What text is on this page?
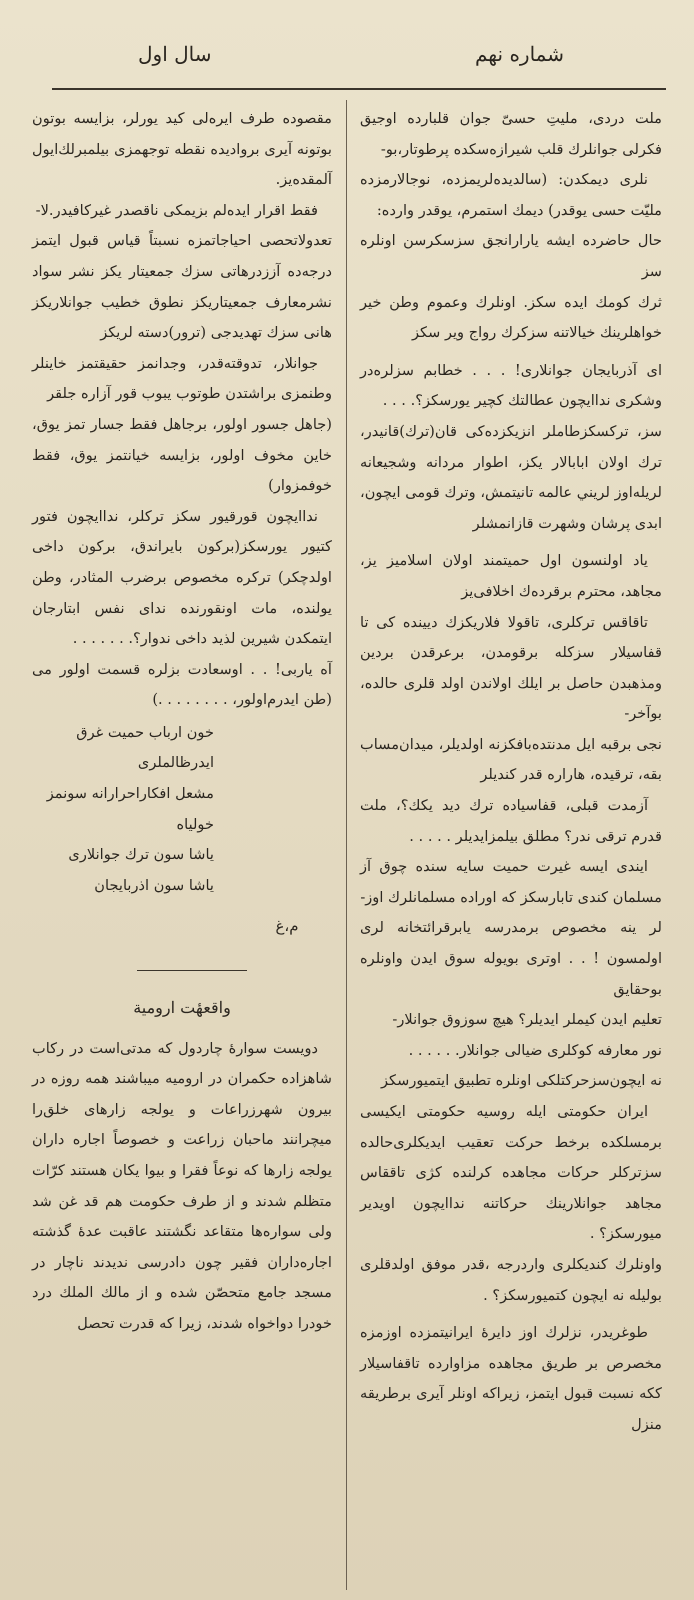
سال اول	شماره نهم

ملت دردی، مليتِ حسیّ جوان قلبارده‌ اوجيق فكرلی جوانلرك قلب شيرازه‌سكده پرطوتار،بو-

نلری ديمكدن: (سالديده‌لريمزده، نوجالارمزده مليّت حسی يوقدر) ديمك استمرم، يوقدر وارده:

حال حاضرده ايشه يارارانجق سزسكرسن اونلره سز

ثرك كومك ايده سكز. اونلرك وعموم وطن خير خواهلرينك خيالاتنه سزكرك رواج وير سكز

ای آذربايجان جوانلاری! . . . خطابم سزلره‌در وشكری نداايچون عطالتك كچير يورسكز؟. . . .

سز، تركسكزطاملر انزيكزده‌كی قان(ترك)قانيدر، ترك اولان ابابالار يكز، اطوار مردانه وشجيعانه لريله‌اوز لريني عالمه تانيتمش، وترك قومی ايچون، ابدی پرشان وشهرت قازانمشلر

ياد اولنسون اول حميتمند اولان اسلاميز يز، مجاهد، محترم برقرده‌ك اخلافی‌يز

تاقاقس تركلری، تاقولا فلاريكزك ديينده كی تا قفاسيلار سزكله برقومدن، برعرقدن بردين ومذهبدن حاصل بر ايلك اولاندن اولد قلری حالده، بوآخر-

نجی برقبه ايل مدنتده‌بافكزنه اولديلر، ميدان‌مساب بقه، ترقيده، هاراره قدر كنديلر

آزمدت قبلی، قفاسياده ترك ديد يكك؟، ملت قدرم ترقی ندر؟ مطلق بيلمزايديلر . . . . .

ايندی ايسه غيرت حميت سايه سنده چوق آز مسلمان كندی تابارسكز كه اوراده مسلمانلرك اوز-

لر ينه مخصوص برمدرسه يابرقرائتخانه لری اولمسون ! . . اوتری بويوله سوق ايدن واونلره بوحقايق

تعليم ايدن كيملر ايديلر؟ هيچ سوزوق جوانلار-

نور معارفه كوكلری ضيالی جوانلار. . . . . .

نه ايچون‌سزحركتلكی اونلره تطبيق ايتميورسكز

ايران حكومتی ايله روسيه حكومتی ايكيسی برمسلكده برخط حركت تعقيب ايديكلری‌حالده سزتركلر حركات مجاهده كرلنده كژی تاققاس مجاهد جوانلارينك حركاتنه نداايچون اويدير ميورسكز؟ .

واونلرك كنديكلری واردرجه ،قدر موفق اولدقلری بوليله نه ايچون كتميورسكز؟ .

طوغريدر، نزلرك اوز دايرهٔ ايرانيتمزده اوزمزه مخصرص بر طريق مجاهده مزاوارده تاقفاسيلار ككه نسبت قبول ايتمز، زيراكه اونلر آيری برطريقه منزل

مقصوده طرف ايره‌لی كيد يورلر، بزايسه بوتون بوتونه آيری برواديده نقطه توجهمزی بيلمبرلك‌ايول آلمقده‌يز.

فقط اقرار ايده‌لم بزيمكی ناقصدر غيركافيدر.لا-

تعدولاتحصی احياجاتمزه نسبتاً قياس قبول ايتمز درجه‌ده آززدرهاتی سزك جمعيتار يكز نشر سواد نشرمعارف جمعيتاريكز نطوق خطيب جوانلاريكز هانی سزك تهديدجی (ترور)دسته لريكز

جوانلار، تدوقته‌قدر، وجدانمز حقيقتمز خاينلر وطنمزی براشتدن طوتوب يبوب قور آزاره جلقر

(جاهل جسور اولور، برجاهل فقط جسار تمز يوق، خاين مخوف اولور، بزايسه خيانتمز يوق، فقط خوفمزوار)

نداايچون قورقيور سكز تركلر، نداايچون فتور كتيور يورسكز(بركون بايراندق، بركون داخی اولدچكر) تركره مخصوص برضرب المثادر، وطن يولنده، مات اونقورنده ندای نفس ابتارجان ايتمكدن شيرين لذيد داخی ندوار؟. . . . . . .

آه ياربی! . . اوسعادت بزلره قسمت اولور می (طن ايدرم‌اولور، . . . . . . . .)

خون ارباب حميت غرق ايدرظالملری
مشعل افكاراحرارانه سونمز خولياه
ياشا سون ترك جوانلاری
ياشا سون اذربايجان
م،غ
واقعهٔت ارومية

دويست سوارهٔ چاردول كه مدتی‌است در ركاب شاهزاده حكمران در اروميه ميباشند همه روزه در بيرون شهرزراعات و يولجه زارهای خلق‌را ميچرانند ماحبان زراعت و خصوصاً اجاره داران يولجه زارها كه نوعاً فقرا و بيوا يكان هستند كرّات متظلم شدند و از طرف حكومت هم قد غن شد ولی سواره‌ها متقاعد نگشتند عاقبت عدهٔ گذشته اجاره‌داران فقير چون دادرسی ندیدند ناچار در مسجد جامع متحصّن شده و از مالك الملك درد خودرا دواخواه شدند، زيرا كه قدرت تحصل
